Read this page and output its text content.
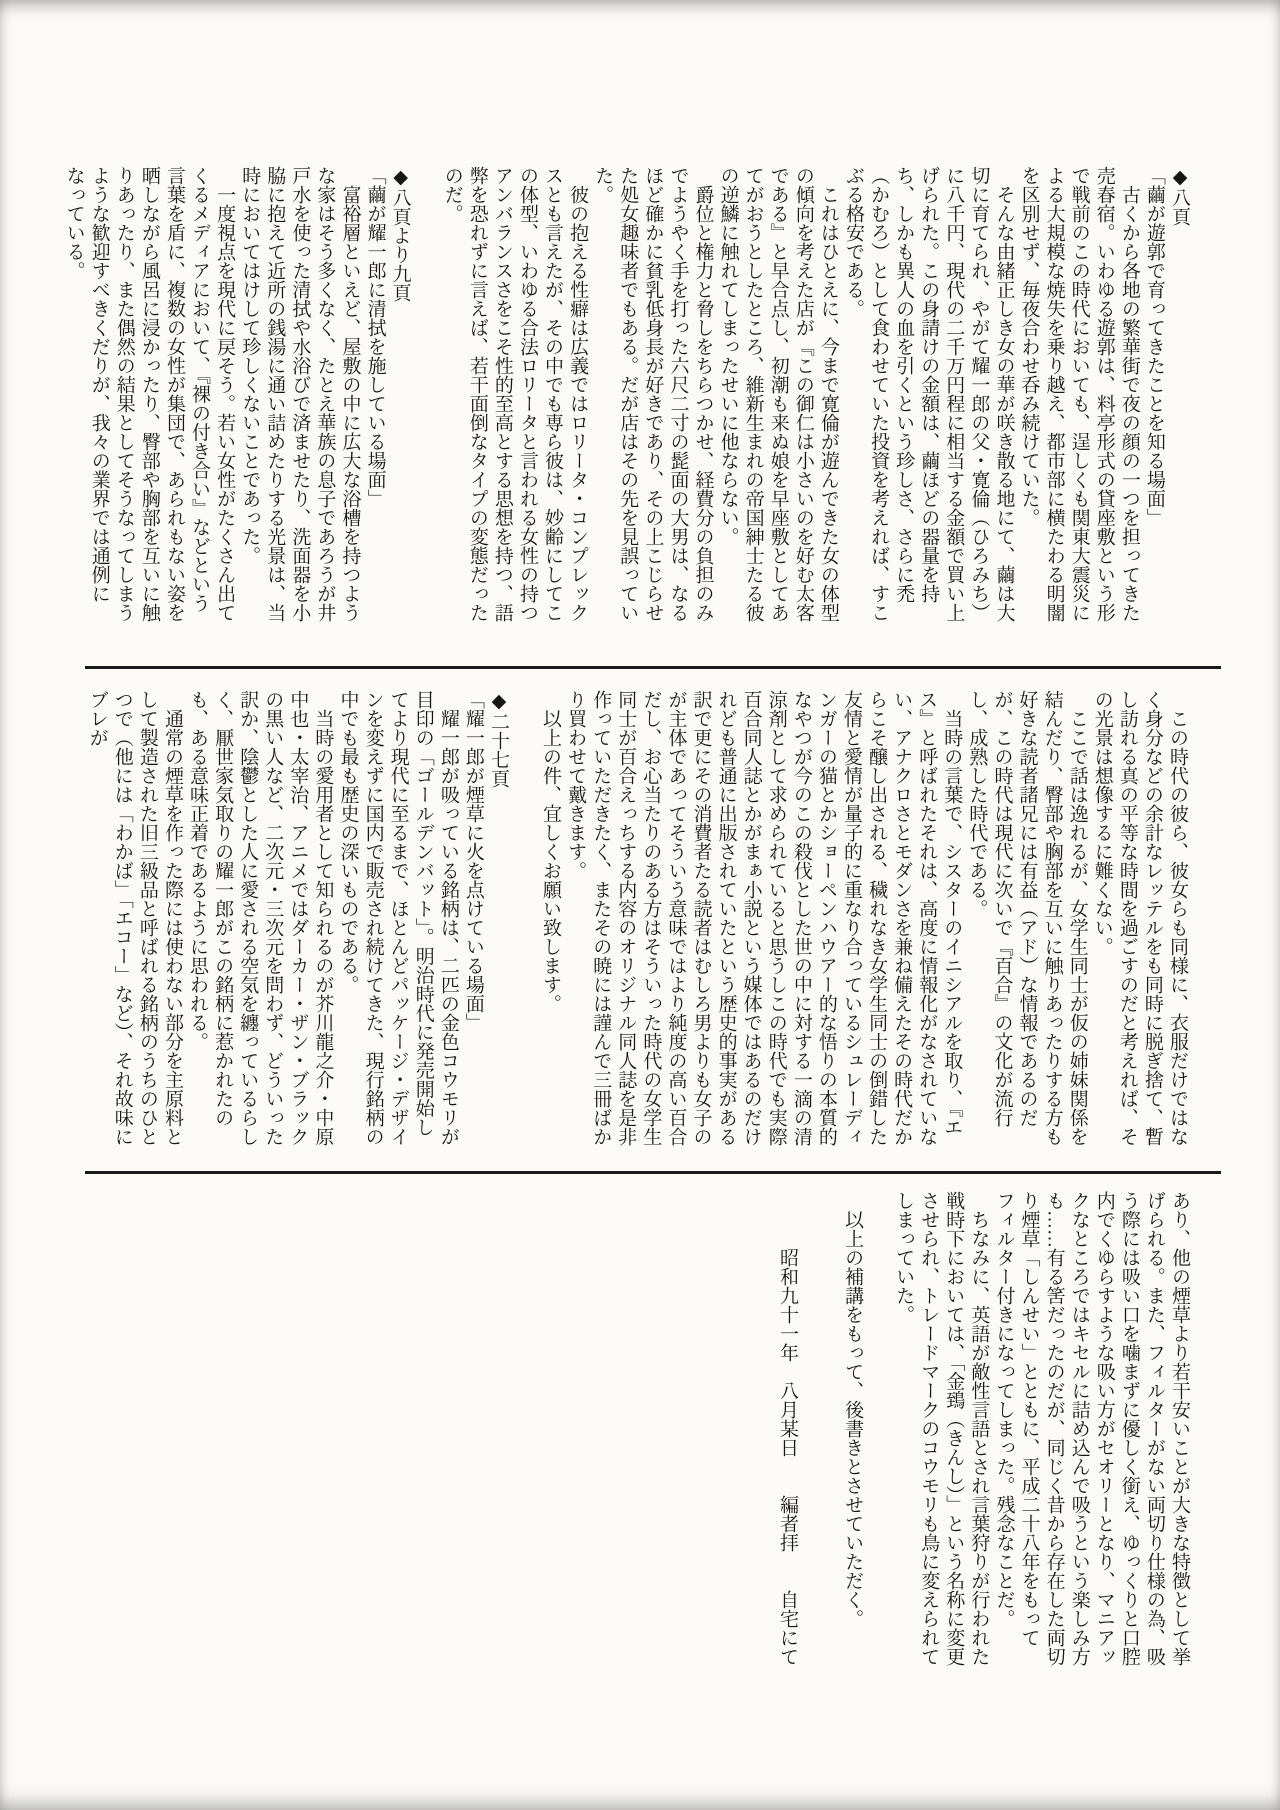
◆八頁

「繭が遊郭で育ってきたことを知る場面」

古くから各地の繁華街で夜の顔の一つを担ってきた売春宿。いわゆる遊郭は、料亭形式の貸座敷という形で戦前のこの時代においても、逞しくも関東大震災による大規模な焼失を乗り越え、都市部に横たわる明闇を区別せず、毎夜合わせ呑み続けていた。

そんな由緒正しき女の華が咲き散る地にて、繭は大切に育てられ、やがて耀一郎の父・寛倫（ひろみち）に八千円、現代の二千万円程に相当する金額で買い上げられた。この身請けの金額は、繭ほどの器量を持ち、しかも異人の血を引くという珍しさ、さらに禿（かむろ）として食わせていた投資を考えれば、すこぶる格安である。

これはひとえに、今まで寛倫が遊んできた女の体型の傾向を考えた店が『この御仁は小さいのを好む太客である』と早合点し、初潮も来ぬ娘を早座敷としてあてがおうとしたところ、維新生まれの帝国紳士たる彼の逆鱗に触れてしまったせいに他ならない。

爵位と権力と脅しをちらつかせ、経費分の負担のみでようやく手を打った六尺二寸の髭面の大男は、なるほど確かに貧乳低身長が好きであり、その上こじらせた処女趣味者でもある。だが店はその先を見誤っていた。

彼の抱える性癖は広義ではロリータ・コンプレックスとも言えたが、その中でも専ら彼は、妙齢にしてこの体型、いわゆる合法ロリータと言われる女性の持つアンバランスさをこそ性的至高とする思想を持つ、語弊を恐れずに言えば、若干面倒なタイプの変態だったのだ。

◆八頁より九頁

「繭が耀一郎に清拭を施している場面」

富裕層といえど、屋敷の中に広大な浴槽を持つような家はそう多くなく、たとえ華族の息子であろうが井戸水を使った清拭や水浴びで済ませたり、洗面器を小脇に抱えて近所の銭湯に通い詰めたりする光景は、当時においてはけして珍しくないことであった。

一度視点を現代に戻そう。若い女性がたくさん出てくるメディアにおいて、『裸の付き合い』などという言葉を盾に、複数の女性が集団で、あられもない姿を晒しながら風呂に浸かったり、臀部や胸部を互いに触りあったり、また偶然の結果としてそうなってしまうような歓迎すべきくだりが、我々の業界では通例になっている。

この時代の彼ら、彼女らも同様に、衣服だけではなく身分などの余計なレッテルをも同時に脱ぎ捨て、暫し訪れる真の平等な時間を過ごすのだと考えれば、その光景は想像するに難くない。

ここで話は逸れるが、女学生同士が仮の姉妹関係を結んだり、臀部や胸部を互いに触りあったりする方も好きな読者諸兄には有益（アド）な情報であるのだが、この時代は現代に次いで『百合』の文化が流行し、成熟した時代である。

当時の言葉で、シスターのイニシアルを取り、『エス』と呼ばれたそれは、高度に情報化がなされていない、アナクロさとモダンさを兼ね備えたその時代だからこそ醸し出される、穢れなき女学生同士の倒錯した友情と愛情が量子的に重なり合っているシュレーディンガーの猫とかショーペンハウアー的な悟りの本質的なやつが今のこの殺伐とした世の中に対する一滴の清涼剤として求められていると思うしこの時代でも実際百合同人誌とかがまぁ小説という媒体ではあるのだけれども普通に出版されていたという歴史的事実がある訳で更にその消費者たる読者はむしろ男よりも女子のが主体であってそういう意味ではより純度の高い百合だし、お心当たりのある方はそういった時代の女学生同士が百合えっちする内容のオリジナル同人誌を是非作っていただきたく、またその暁には謹んで三冊ばかり買わせて戴きます。

以上の件、宜しくお願い致します。

◆二十七頁

「耀一郎が煙草に火を点けている場面」

耀一郎が吸っている銘柄は、二匹の金色コウモリが目印の「ゴールデンバット」。明治時代に発売開始してより現代に至るまで、ほとんどパッケージ・デザインを変えずに国内で販売され続けてきた、現行銘柄の中でも最も歴史の深いものである。

当時の愛用者として知られるのが芥川龍之介・中原中也・太宰治、アニメではダーカー・ザン・ブラックの黒い人など、二次元・三次元を問わず、どういった訳か、陰鬱とした人に愛される空気を纏っているらしく、厭世家気取りの耀一郎がこの銘柄に惹かれたのも、ある意味正着であるように思われる。

通常の煙草を作った際には使わない部分を主原料として製造された旧三級品と呼ばれる銘柄のうちのひとつで（他には「わかば」「エコー」など）、それ故味にブレが

あり、他の煙草より若干安いことが大きな特徴として挙げられる。また、フィルターがない両切り仕様の為、吸う際には吸い口を噛まずに優しく銜え、ゆっくりと口腔内でくゆらすような吸い方がセオリーとなり、マニアックなところではキセルに詰め込んで吸うという楽しみ方も……有る筈だったのだが、同じく昔から存在した両切り煙草「しんせい」とともに、平成二十八年をもってフィルター付きになってしまった。残念なことだ。

ちなみに、英語が敵性言語とされ言葉狩りが行われた戦時下においては、「金鵄（きんし）」という名称に変更させられ、トレードマークのコウモリも鳥に変えられてしまっていた。

以上の補講をもって、後書きとさせていただく。

昭和九十一年　八月某日　　編者拝　　自宅にて
